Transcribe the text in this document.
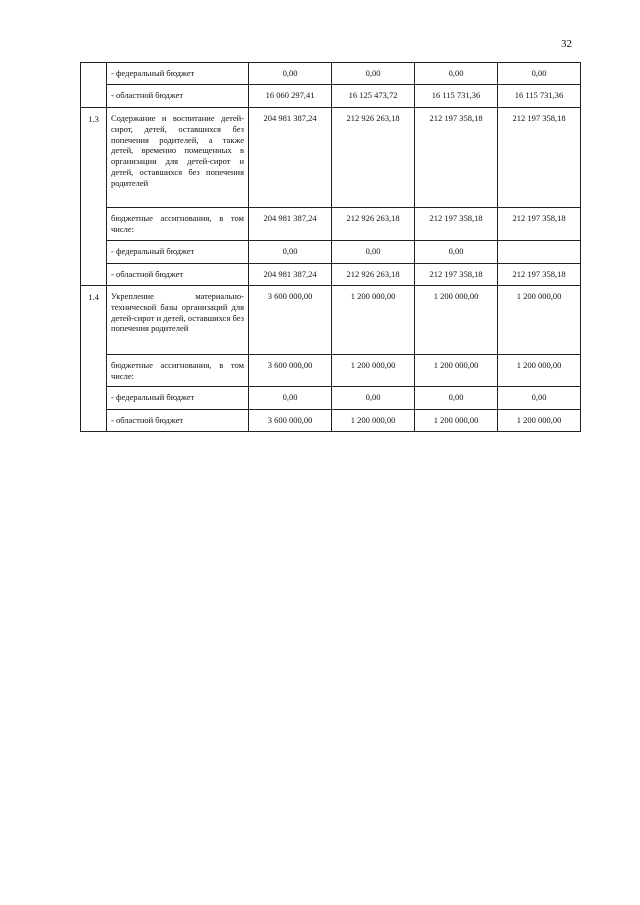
32
	- федеральный бюджет	0,00	0,00	0,00	0,00
	- областной бюджет	16 060 297,41	16 125 473,72	16 115 731,36	16 115 731,36
1.3	Содержание и воспитание детей-сирот, детей, оставшихся без попечения родителей, а также детей, временно помещенных в организации для детей-сирот и детей, оставшихся без попечения родителей	204 981 387,24	212 926 263,18	212 197 358,18	212 197 358,18
	бюджетные ассигнования, в том числе:	204 981 387,24	212 926 263,18	212 197 358,18	212 197 358,18
	- федеральный бюджет	0,00	0,00	0,00	
	- областной бюджет	204 981 387,24	212 926 263,18	212 197 358,18	212 197 358,18
1.4	Укрепление материально-технической базы организаций для детей-сирот и детей, оставшихся без попечения родителей	3 600 000,00	1 200 000,00	1 200 000,00	1 200 000,00
	бюджетные ассигнования, в том числе:	3 600 000,00	1 200 000,00	1 200 000,00	1 200 000,00
	- федеральный бюджет	0,00	0,00	0,00	0,00
	- областной бюджет	3 600 000,00	1 200 000,00	1 200 000,00	1 200 000,00
